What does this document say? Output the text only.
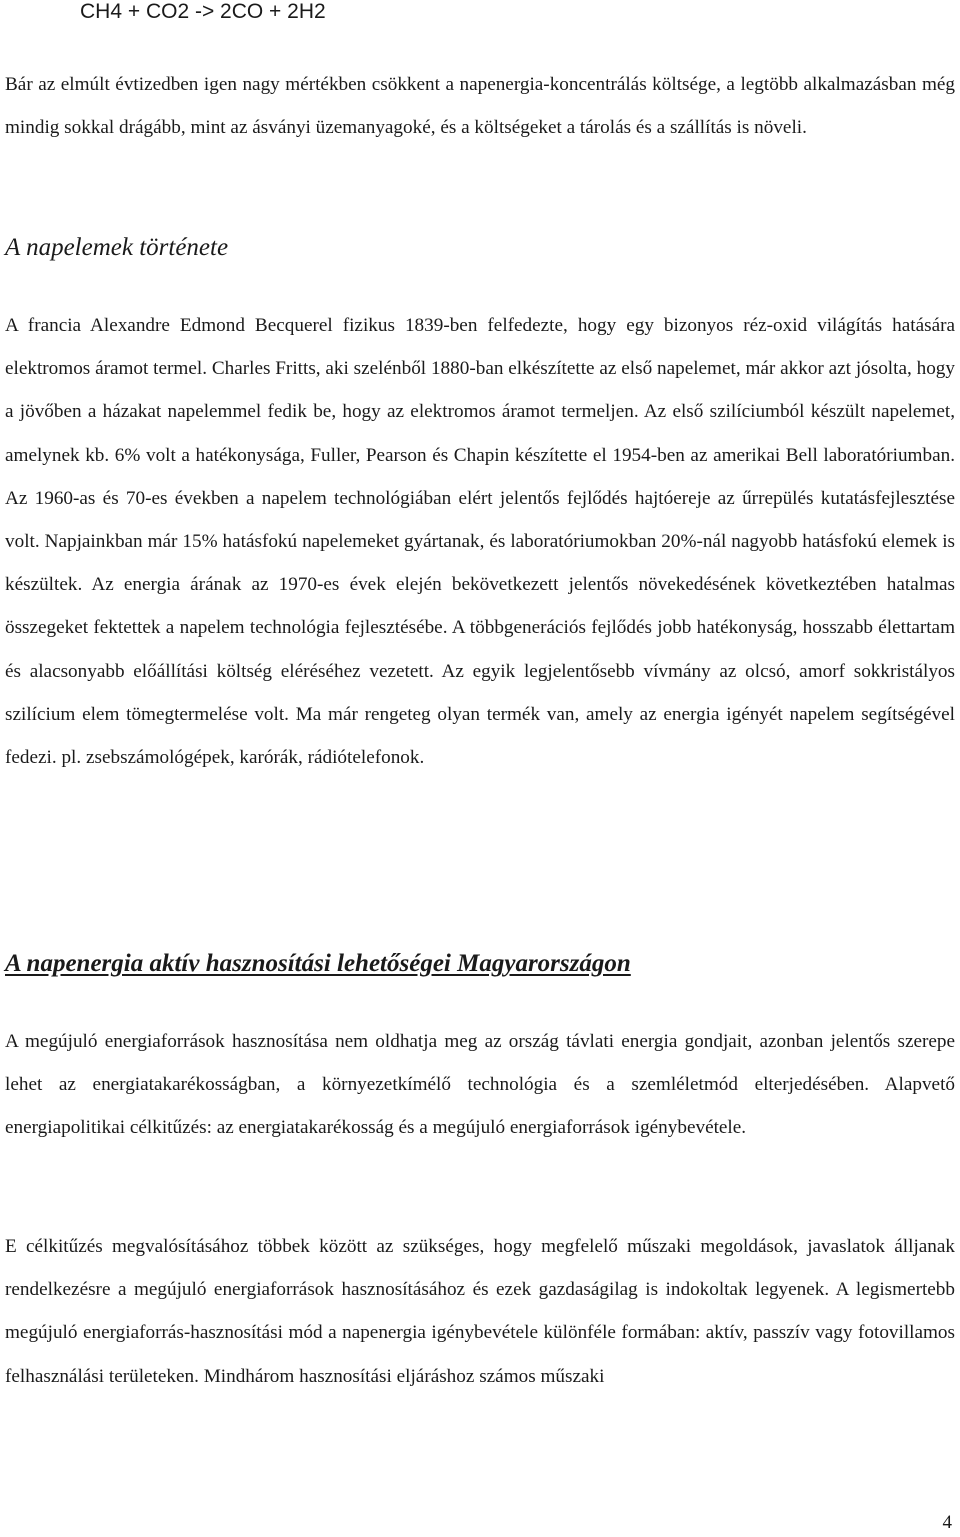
CH4 + CO2 -> 2CO + 2H2

Bár az elmúlt évtizedben igen nagy mértékben csökkent a napenergia-koncentrálás költsége, a legtöbb alkalmazásban még mindig sokkal drágább, mint az ásványi üzemanyagoké, és a költségeket a tárolás és a szállítás is növeli.

A napelemek története

A francia Alexandre Edmond Becquerel fizikus 1839-ben felfedezte, hogy egy bizonyos réz-oxid világítás hatására elektromos áramot termel. Charles Fritts, aki szelénből 1880-ban elkészítette az első napelemet, már akkor azt jósolta, hogy a jövőben a házakat napelemmel fedik be, hogy az elektromos áramot termeljen. Az első szilíciumból készült napelemet, amelynek kb. 6% volt a hatékonysága, Fuller, Pearson és Chapin készítette el 1954-ben az amerikai Bell laboratóriumban. Az 1960-as és 70-es években a napelem technológiában elért jelentős fejlődés hajtóereje az űrrepülés kutatásfejlesztése volt. Napjainkban már 15% hatásfokú napelemeket gyártanak, és laboratóriumokban 20%-nál nagyobb hatásfokú elemek is készültek. Az energia árának az 1970-es évek elején bekövetkezett jelentős növekedésének következtében hatalmas összegeket fektettek a napelem technológia fejlesztésébe. A többgenerációs fejlődés jobb hatékonyság, hosszabb élettartam és alacsonyabb előállítási költség eléréséhez vezetett. Az egyik legjelentősebb vívmány az olcsó, amorf sokkristályos szilícium elem tömegtermelése volt. Ma már rengeteg olyan termék van, amely az energia igényét napelem segítségével fedezi. pl. zsebszámológépek, karórák, rádiótelefonok.

A napenergia aktív hasznosítási lehetőségei Magyarországon

A megújuló energiaforrások hasznosítása nem oldhatja meg az ország távlati energia gondjait, azonban jelentős szerepe lehet az energiatakarékosságban, a környezetkímélő technológia és a szemléletmód elterjedésében. Alapvető energiapolitikai célkitűzés: az energiatakarékosság és a megújuló energiaforrások igénybevétele.

E célkitűzés megvalósításához többek között az szükséges, hogy megfelelő műszaki megoldások, javaslatok álljanak rendelkezésre a megújuló energiaforrások hasznosításához és ezek gazdaságilag is indokoltak legyenek. A legismertebb megújuló energiaforrás-hasznosítási mód a napenergia igénybevétele különféle formában: aktív, passzív vagy fotovillamos felhasználási területeken. Mindhárom hasznosítási eljáráshoz számos műszaki

4
